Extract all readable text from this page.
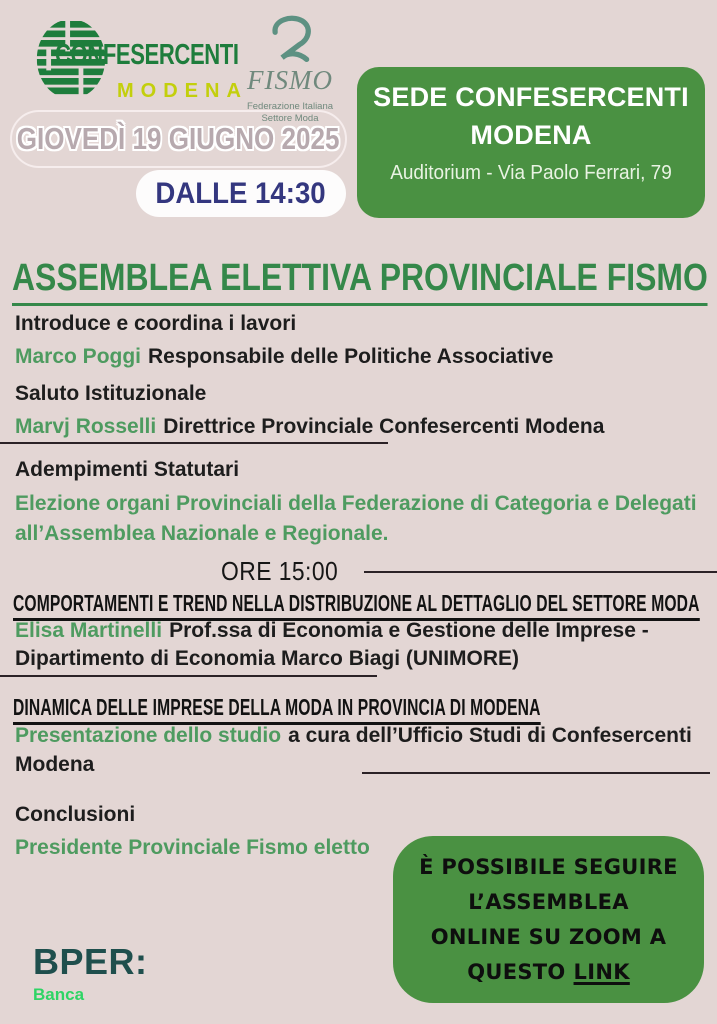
CONFESERCENTI
MODENA FISMO
Federazione Italiana
Settore Moda
SEDE CONFESERCENTI
MODENA
Auditorium - Via Paolo Ferrari, 79
GIOVEDÌ 19 GIUGNO 2025
DALLE 14:30
ASSEMBLEA ELETTIVA PROVINCIALE FISMO
Introduce e coordina i lavori
Marco Poggi Responsabile delle Politiche Associative
Saluto Istituzionale
Marvj Rosselli Direttrice Provinciale Confesercenti Modena
Adempimenti Statutari
Elezione organi Provinciali della Federazione di Categoria e Delegati all’Assemblea Nazionale e Regionale.
ORE 15:00
COMPORTAMENTI E TREND NELLA DISTRIBUZIONE AL DETTAGLIO DEL SETTORE MODA
Elisa Martinelli Prof.ssa di Economia e Gestione delle Imprese - Dipartimento di Economia Marco Biagi (UNIMORE)
DINAMICA DELLE IMPRESE DELLA MODA IN PROVINCIA DI MODENA
Presentazione dello studio a cura dell’Ufficio Studi di Confesercenti Modena
Conclusioni
Presidente Provinciale Fismo eletto
È POSSIBILE SEGUIRE
L’ASSEMBLEA
ONLINE SU ZOOM A
QUESTO LINK
BPER:
Banca
